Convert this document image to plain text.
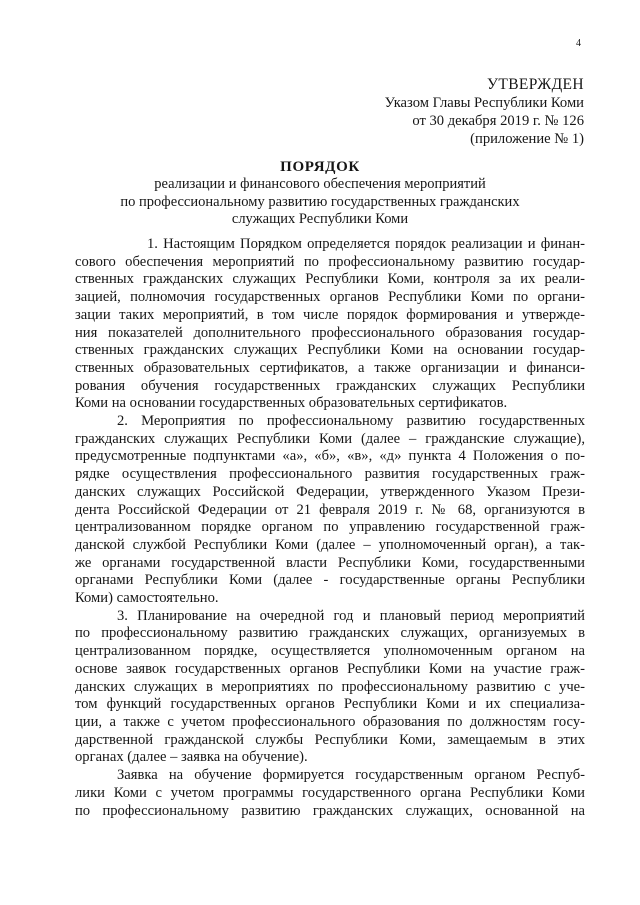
4
УТВЕРЖДЕН
Указом Главы Республики Коми
от 30 декабря 2019 г. № 126
(приложение № 1)
ПОРЯДОК
реализации и финансового обеспечения мероприятий
по профессиональному развитию государственных гражданских
служащих Республики Коми
1. Настоящим Порядком определяется порядок реализации и финан-
сового обеспечения мероприятий по профессиональному развитию государ-
ственных гражданских служащих Республики Коми, контроля за их реали-
зацией, полномочия государственных органов Республики Коми по органи-
зации таких мероприятий, в том числе порядок формирования и утвержде-
ния показателей дополнительного профессионального образования государ-
ственных гражданских служащих Республики Коми на основании государ-
ственных образовательных сертификатов, а также организации и финанси-
рования обучения государственных гражданских служащих Республики
Коми на основании государственных образовательных сертификатов.
2. Мероприятия по профессиональному развитию государственных
гражданских служащих Республики Коми (далее – гражданские служащие),
предусмотренные подпунктами «а», «б», «в», «д» пункта 4 Положения о по-
рядке осуществления профессионального развития государственных граж-
данских служащих Российской Федерации, утвержденного Указом Прези-
дента Российской Федерации от 21 февраля 2019 г. № 68, организуются в
централизованном порядке органом по управлению государственной граж-
данской службой Республики Коми (далее – уполномоченный орган), а так-
же органами государственной власти Республики Коми, государственными
органами Республики Коми (далее - государственные органы Республики
Коми) самостоятельно.
3. Планирование на очередной год и плановый период мероприятий
по профессиональному развитию гражданских служащих, организуемых в
централизованном порядке, осуществляется уполномоченным органом на
основе заявок государственных органов Республики Коми на участие граж-
данских служащих в мероприятиях по профессиональному развитию с уче-
том функций государственных органов Республики Коми и их специализа-
ции, а также с учетом профессионального образования по должностям госу-
дарственной гражданской службы Республики Коми, замещаемым в этих
органах (далее – заявка на обучение).
Заявка на обучение формируется государственным органом Респуб-
лики Коми с учетом программы государственного органа Республики Коми
по профессиональному развитию гражданских служащих, основанной на
